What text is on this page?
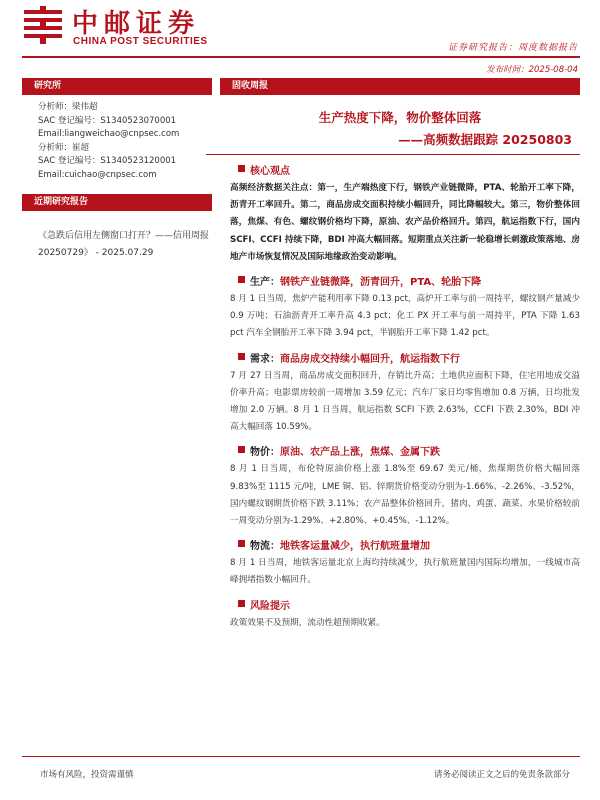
中邮证券
CHINA POST SECURITIES
证券研究报告：周度数据报告
发布时间：2025-08-04
研究所
分析师：梁伟超
SAC 登记编号：S1340523070001
Email:liangweichao@cnpsec.com
分析师：崔超
SAC 登记编号：S1340523120001
Email:cuichao@cnpsec.com
近期研究报告
《急跌后信用左侧窗口打开？——信用周报 20250729》 - 2025.07.29
固收周报
生产热度下降，物价整体回落
——高频数据跟踪 20250803
核心观点
高频经济数据关注点：第一，生产端热度下行，钢铁产业链微降，PTA、轮胎开工率下降，沥青开工率回升。第二，商品房成交面积持续小幅回升，同比降幅较大。第三，物价整体回落，焦煤、有色、螺纹钢价格均下降，原油、农产品价格回升。第四，航运指数下行，国内 SCFI、CCFI 持续下降，BDI 冲高大幅回落。短期重点关注新一轮稳增长刺激政策落地、房地产市场恢复情况及国际地缘政治变动影响。
生产：钢铁产业链微降，沥青回升，PTA、轮胎下降
8 月 1 日当周，焦炉产能利用率下降 0.13 pct，高炉开工率与前一周持平，螺纹钢产量减少 0.9 万吨；石油沥青开工率升高 4.3 pct；化工 PX 开工率与前一周持平，PTA 下降 1.63 pct 汽车全钢胎开工率下降 3.94 pct，半钢胎开工率下降 1.42 pct。
需求：商品房成交持续小幅回升，航运指数下行
7 月 27 日当周，商品房成交面积回升，存销比升高；土地供应面积下降，住宅用地成交溢价率升高；电影票房较前一周增加 3.59 亿元；汽车厂家日均零售增加 0.8 万辆，日均批发增加 2.0 万辆。8 月 1 日当周，航运指数 SCFI 下跌 2.63%，CCFI 下跌 2.30%，BDI 冲高大幅回落 10.59%。
物价：原油、农产品上涨，焦煤、金属下跌
8 月 1 日当周，布伦特原油价格上涨 1.8%至 69.67 美元/桶，焦煤期货价格大幅回落 9.83%至 1115 元/吨，LME 铜、铝、锌期货价格变动分别为-1.66%、-2.26%、-3.52%，国内螺纹钢期货价格下跌 3.11%；农产品整体价格回升，猪肉、鸡蛋、蔬菜、水果价格较前一周变动分别为-1.29%、+2.80%、+0.45%、-1.12%。
物流：地铁客运量减少，执行航班量增加
8 月 1 日当周，地铁客运量北京上海均持续减少，执行航班量国内国际均增加，一线城市高峰拥堵指数小幅回升。
风险提示
政策效果不及预期，流动性超预期收紧。
市场有风险，投资需谨慎	请务必阅读正文之后的免责条款部分
